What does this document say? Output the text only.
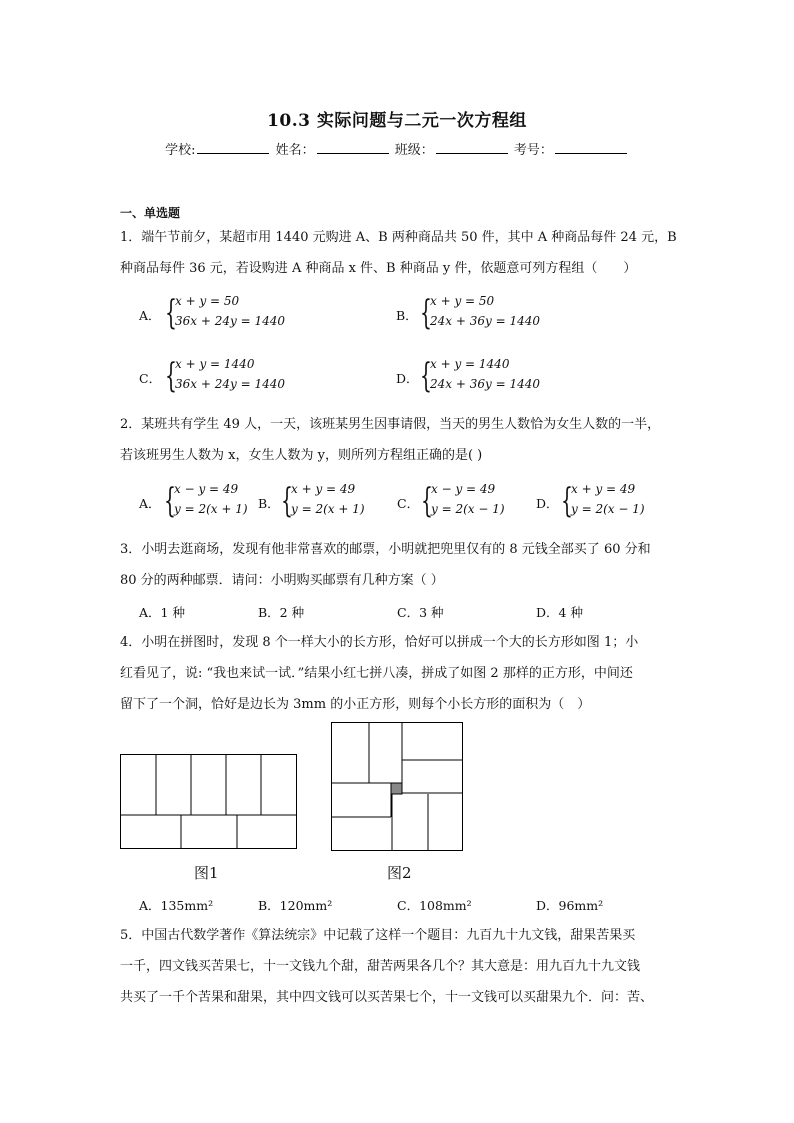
10.3 实际问题与二元一次方程组
学校:	姓名：	班级：	考号：
一、单选题
1．端午节前夕，某超市用 1440 元购进 A、B 两种商品共 50 件，其中 A 种商品每件 24 元，B
种商品每件 36 元，若设购进 A 种商品 x 件、B 种商品 y 件，依题意可列方程组（　　）
A． {
x + y = 50
36x + 24y = 1440	B． {
x + y = 50
24x + 36y = 1440
C． {
x + y = 1440
36x + 24y = 1440	D． {
x + y = 1440
24x + 36y = 1440
2．某班共有学生 49 人，一天，该班某男生因事请假，当天的男生人数恰为女生人数的一半，
若该班男生人数为 x，女生人数为 y，则所列方程组正确的是( )
A． {
x − y = 49
y = 2(x + 1) B． {
x + y = 49
y = 2(x + 1)	C． {
x − y = 49
y = 2(x − 1)	D． {
x + y = 49
y = 2(x − 1)
3．小明去逛商场，发现有他非常喜欢的邮票，小明就把兜里仅有的 8 元钱全部买了 60 分和
80 分的两种邮票．请问：小明购买邮票有几种方案（ ）
A．1 种	B．2 种	C．3 种	D．4 种
4．小明在拼图时，发现 8 个一样大小的长方形，恰好可以拼成一个大的长方形如图 1；小
红看见了，说: “我也来试一试．”结果小红七拼八凑，拼成了如图 2 那样的正方形，中间还
留下了一个洞，恰好是边长为 3mm 的小正方形，则每个小长方形的面积为（　）
图1	图2
A．135mm²	B．120mm²	C．108mm²	D．96mm²
5．中国古代数学著作《算法统宗》中记载了这样一个题目：九百九十九文钱，甜果苦果买
一千，四文钱买苦果七，十一文钱九个甜，甜苦两果各几个？其大意是：用九百九十九文钱
共买了一千个苦果和甜果，其中四文钱可以买苦果七个，十一文钱可以买甜果九个．问：苦、
